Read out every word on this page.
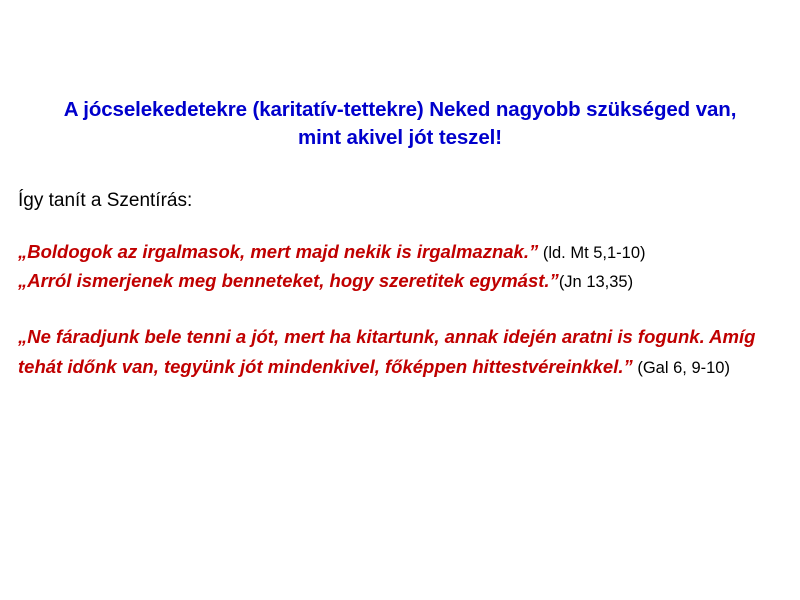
A jócselekedetekre (karitatív-tettekre) Neked nagyobb szükséged van,
mint akivel jót teszel!
Így tanít a Szentírás:
„Boldogok az irgalmasok, mert majd nekik is irgalmaznak.” (ld. Mt 5,1-10)
„Arról ismerjenek meg benneteket, hogy szeretitek egymást.”(Jn 13,35)
„Ne fáradjunk bele tenni a jót, mert ha kitartunk, annak idején aratni is fogunk. Amíg tehát időnk van, tegyünk jót mindenkivel, főképpen hittestvéreinkkel.” (Gal 6, 9-10)
